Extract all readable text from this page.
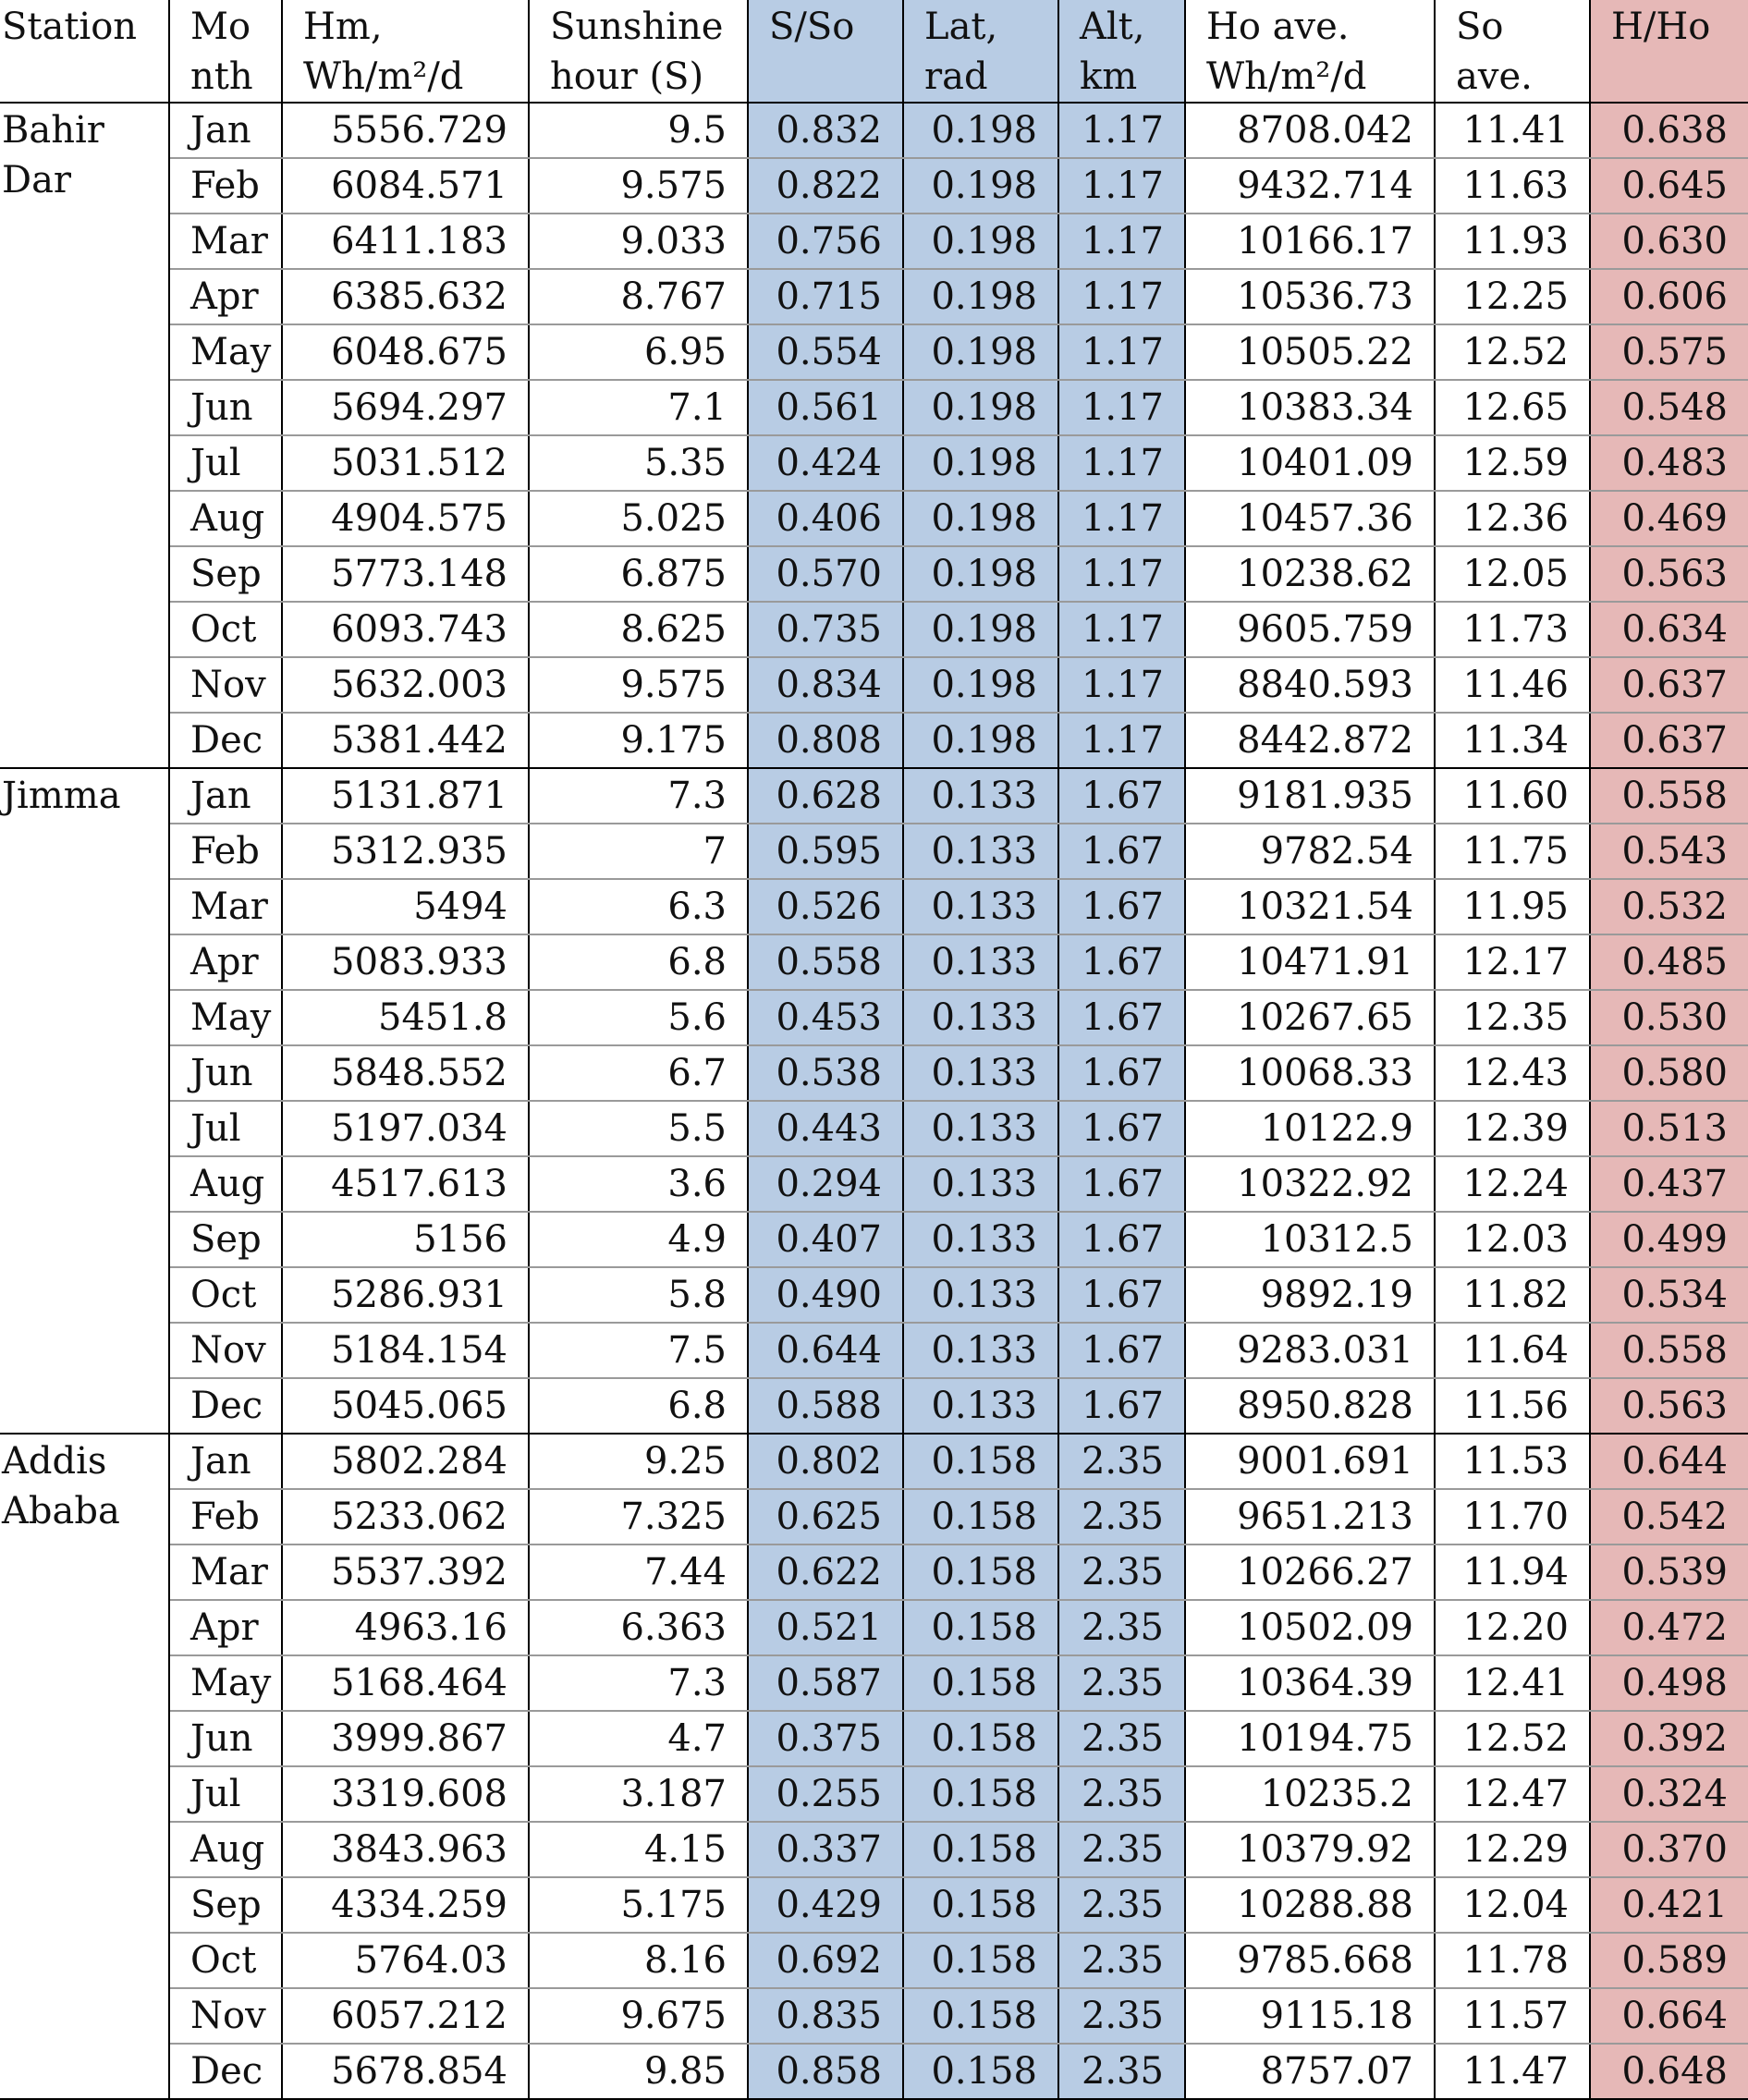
Station	Mo nth	Hm, Wh/m²/d	Sunshine hour (S)	S/So	Lat, rad	Alt, km	Ho ave. Wh/m²/d	So ave.	H/Ho
Bahir Dar	Jan	5556.729	9.5	0.832	0.198	1.17	8708.042	11.41	0.638
	Feb	6084.571	9.575	0.822	0.198	1.17	9432.714	11.63	0.645
	Mar	6411.183	9.033	0.756	0.198	1.17	10166.17	11.93	0.630
	Apr	6385.632	8.767	0.715	0.198	1.17	10536.73	12.25	0.606
	May	6048.675	6.95	0.554	0.198	1.17	10505.22	12.52	0.575
	Jun	5694.297	7.1	0.561	0.198	1.17	10383.34	12.65	0.548
	Jul	5031.512	5.35	0.424	0.198	1.17	10401.09	12.59	0.483
	Aug	4904.575	5.025	0.406	0.198	1.17	10457.36	12.36	0.469
	Sep	5773.148	6.875	0.570	0.198	1.17	10238.62	12.05	0.563
	Oct	6093.743	8.625	0.735	0.198	1.17	9605.759	11.73	0.634
	Nov	5632.003	9.575	0.834	0.198	1.17	8840.593	11.46	0.637
	Dec	5381.442	9.175	0.808	0.198	1.17	8442.872	11.34	0.637
Jimma	Jan	5131.871	7.3	0.628	0.133	1.67	9181.935	11.60	0.558
	Feb	5312.935	7	0.595	0.133	1.67	9782.54	11.75	0.543
	Mar	5494	6.3	0.526	0.133	1.67	10321.54	11.95	0.532
	Apr	5083.933	6.8	0.558	0.133	1.67	10471.91	12.17	0.485
	May	5451.8	5.6	0.453	0.133	1.67	10267.65	12.35	0.530
	Jun	5848.552	6.7	0.538	0.133	1.67	10068.33	12.43	0.580
	Jul	5197.034	5.5	0.443	0.133	1.67	10122.9	12.39	0.513
	Aug	4517.613	3.6	0.294	0.133	1.67	10322.92	12.24	0.437
	Sep	5156	4.9	0.407	0.133	1.67	10312.5	12.03	0.499
	Oct	5286.931	5.8	0.490	0.133	1.67	9892.19	11.82	0.534
	Nov	5184.154	7.5	0.644	0.133	1.67	9283.031	11.64	0.558
	Dec	5045.065	6.8	0.588	0.133	1.67	8950.828	11.56	0.563
Addis Ababa	Jan	5802.284	9.25	0.802	0.158	2.35	9001.691	11.53	0.644
	Feb	5233.062	7.325	0.625	0.158	2.35	9651.213	11.70	0.542
	Mar	5537.392	7.44	0.622	0.158	2.35	10266.27	11.94	0.539
	Apr	4963.16	6.363	0.521	0.158	2.35	10502.09	12.20	0.472
	May	5168.464	7.3	0.587	0.158	2.35	10364.39	12.41	0.498
	Jun	3999.867	4.7	0.375	0.158	2.35	10194.75	12.52	0.392
	Jul	3319.608	3.187	0.255	0.158	2.35	10235.2	12.47	0.324
	Aug	3843.963	4.15	0.337	0.158	2.35	10379.92	12.29	0.370
	Sep	4334.259	5.175	0.429	0.158	2.35	10288.88	12.04	0.421
	Oct	5764.03	8.16	0.692	0.158	2.35	9785.668	11.78	0.589
	Nov	6057.212	9.675	0.835	0.158	2.35	9115.18	11.57	0.664
	Dec	5678.854	9.85	0.858	0.158	2.35	8757.07	11.47	0.648
